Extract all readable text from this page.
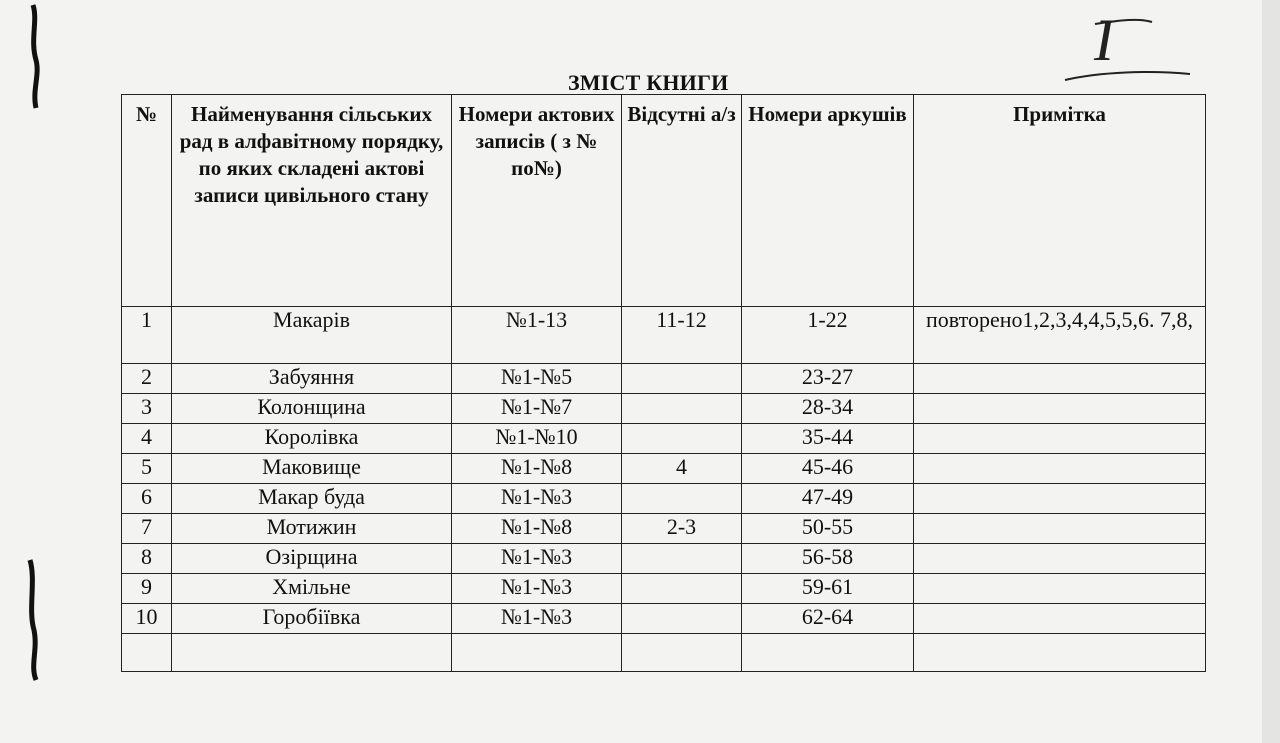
I
ЗМІСТ КНИГИ
№	Найменування сільських рад в алфавітному порядку, по яких складені актові записи цивільного стану	Номери актових записів ( з № по№)	Відсутні а/з	Номери аркушів	Примітка
1	Макарів	№1-13	11-12	1-22	повторено1,2,3,4,4,5,5,6. 7,8,
2	Забуяння	№1-№5		23-27	
3	Колонщина	№1-№7		28-34	
4	Королівка	№1-№10		35-44	
5	Маковище	№1-№8	4	45-46	
6	Макар буда	№1-№3		47-49	
7	Мотижин	№1-№8	2-3	50-55	
8	Озірщина	№1-№3		56-58	
9	Хмільне	№1-№3		59-61	
10	Горобіївка	№1-№3		62-64	
